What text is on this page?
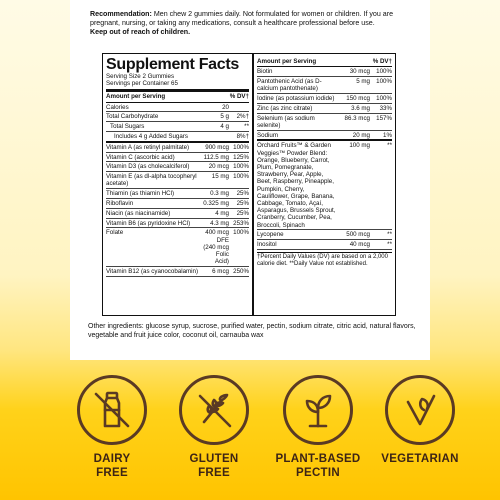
Recommendation: Men chew 2 gummies daily. Not formulated for women or children. If you are pregnant, nursing, or taking any medications, consult a healthcare professional before use.
Keep out of reach of children.
Supplement Facts
Serving Size 2 Gummies
Servings per Container 65
Amount per Serving	% DV†
Calories	20
Total Carbohydrate	5 g	2%†
Total Sugars	4 g	**
Includes 4 g Added Sugars	8%†
Vitamin A (as retinyl palmitate)	900 mcg 100%
Vitamin C (ascorbic acid)	112.5 mg 125%
Vitamin D3 (as cholecalciferol)	20 mcg 100%
Vitamin E (as dl-alpha tocopheryl acetate)
15 mg 100%
Thiamin (as thiamin HCl)	0.3 mg	25%
Riboflavin	0.325 mg	25%
Niacin (as niacinamide)	4 mg	25%
Vitamin B6 (as pyridoxine HCl)	4.3 mg 253%
Folate	400 mcg DFE (240 mcg Folic Acid)
100%
Vitamin B12 (as cyanocobalamin)	6 mcg 250%
Amount per Serving	% DV†
Biotin	30 mcg 100%
Pantothenic Acid (as D-calcium pantothenate)
5 mg 100%
Iodine (as potassium iodide)	150 mcg 100%
Zinc (as zinc citrate)	3.6 mg	33%
Selenium (as sodium selenite)
86.3 mcg 157%
Sodium	20 mg	1%
Orchard Fruits™ & Garden Veggies™ Powder Blend: Orange, Blueberry, Carrot, Plum, Pomegranate, Strawberry, Pear, Apple, Beet, Raspberry, Pineapple, Pumpkin, Cherry, Cauliflower, Grape, Banana, Cabbage, Tomato, Açaí, Asparagus, Brussels Sprout, Cranberry, Cucumber, Pea, Broccoli, Spinach
100 mg	**
Lycopene	500 mcg	**
Inositol	40 mcg	**
†Percent Daily Values (DV) are based on a 2,000 calorie diet. **Daily Value not established.
Other ingredients: glucose syrup, sucrose, purified water, pectin, sodium citrate, citric acid, natural flavors, vegetable and fruit juice color, coconut oil, carnauba wax
DAIRY
FREE
GLUTEN
FREE
PLANT-BASED
PECTIN
VEGETARIAN
